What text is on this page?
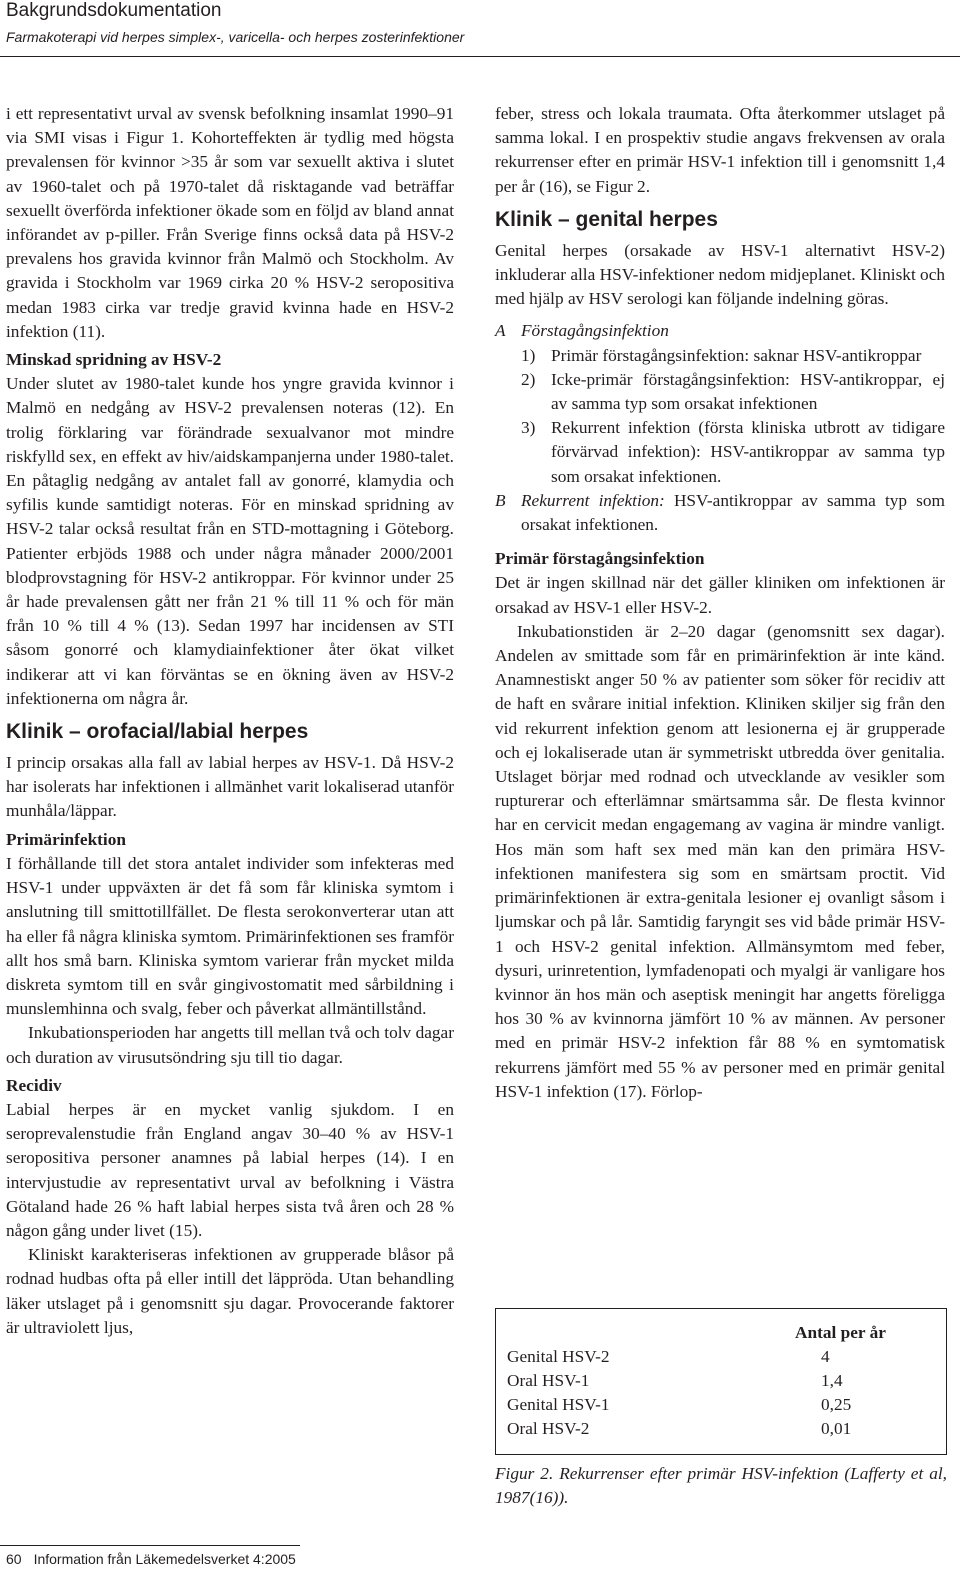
Bakgrundsdokumentation
Farmakoterapi vid herpes simplex-, varicella- och herpes zosterinfektioner

i ett representativt urval av svensk befolkning insamlat 1990–91 via SMI visas i Figur 1. Kohorteffekten är tydlig med högsta prevalensen för kvinnor >35 år som var sexuellt aktiva i slutet av 1960-talet och på 1970-talet då risktagande vad beträffar sexuellt överförda infektioner ökade som en följd av bland annat införandet av p-piller. Från Sverige finns också data på HSV-2 prevalens hos gravida kvinnor från Malmö och Stockholm. Av gravida i Stockholm var 1969 cirka 20 % HSV-2 seropositiva medan 1983 cirka var tredje gravid kvinna hade en HSV-2 infektion (11).

Minskad spridning av HSV-2

Under slutet av 1980-talet kunde hos yngre gravida kvinnor i Malmö en nedgång av HSV-2 prevalensen noteras (12). En trolig förklaring var förändrade sexualvanor mot mindre riskfylld sex, en effekt av hiv/aidskampanjerna under 1980-talet. En påtaglig nedgång av antalet fall av gonorré, klamydia och syfilis kunde samtidigt noteras. För en minskad spridning av HSV-2 talar också resultat från en STD-mottagning i Göteborg. Patienter erbjöds 1988 och under några månader 2000/2001 blodprovstagning för HSV-2 antikroppar. För kvinnor under 25 år hade prevalensen gått ner från 21 % till 11 % och för män från 10 % till 4 % (13). Sedan 1997 har incidensen av STI såsom gonorré och klamydiainfektioner åter ökat vilket indikerar att vi kan förväntas se en ökning även av HSV-2 infektionerna om några år.

Klinik – orofacial/labial herpes

I princip orsakas alla fall av labial herpes av HSV-1. Då HSV-2 har isolerats har infektionen i allmänhet varit lokaliserad utanför munhåla/läppar.

Primärinfektion

I förhållande till det stora antalet individer som infekteras med HSV-1 under uppväxten är det få som får kliniska symtom i anslutning till smittotillfället. De flesta serokonverterar utan att ha eller få några kliniska symtom. Primärinfektionen ses framför allt hos små barn. Kliniska symtom varierar från mycket milda diskreta symtom till en svår gingivostomatit med sårbildning i munslemhinna och svalg, feber och påverkat allmäntillstånd.

Inkubationsperioden har angetts till mellan två och tolv dagar och duration av virusutsöndring sju till tio dagar.

Recidiv

Labial herpes är en mycket vanlig sjukdom. I en seroprevalenstudie från England angav 30–40 % av HSV-1 seropositiva personer anamnes på labial herpes (14). I en intervjustudie av representativt urval av befolkning i Västra Götaland hade 26 % haft labial herpes sista två åren och 28 % någon gång under livet (15).

Kliniskt karakteriseras infektionen av grupperade blåsor på rodnad hudbas ofta på eller intill det läppröda. Utan behandling läker utslaget på i genomsnitt sju dagar. Provocerande faktorer är ultraviolett ljus,

feber, stress och lokala traumata. Ofta återkommer utslaget på samma lokal. I en prospektiv studie angavs frekvensen av orala rekurrenser efter en primär HSV-1 infektion till i genomsnitt 1,4 per år (16), se Figur 2.

Klinik – genital herpes

Genital herpes (orsakade av HSV-1 alternativt HSV-2) inkluderar alla HSV-infektioner nedom midjeplanet. Kliniskt och med hjälp av HSV serologi kan följande indelning göras.

A Förstagångsinfektion
1) Primär förstagångsinfektion: saknar HSV-antikroppar
2) Icke-primär förstagångsinfektion: HSV-antikroppar, ej av samma typ som orsakat infektionen
3) Rekurrent infektion (första kliniska utbrott av tidigare förvärvad infektion): HSV-antikroppar av samma typ som orsakat infektionen.
B Rekurrent infektion: HSV-antikroppar av samma typ som orsakat infektionen.
Primär förstagångsinfektion

Det är ingen skillnad när det gäller kliniken om infektionen är orsakad av HSV-1 eller HSV-2.

Inkubationstiden är 2–20 dagar (genomsnitt sex dagar). Andelen av smittade som får en primärinfektion är inte känd. Anamnestiskt anger 50 % av patienter som söker för recidiv att de haft en svårare initial infektion. Kliniken skiljer sig från den vid rekurrent infektion genom att lesionerna ej är grupperade och ej lokaliserade utan är symmetriskt utbredda över genitalia. Utslaget börjar med rodnad och utvecklande av vesikler som rupturerar och efterlämnar smärtsamma sår. De flesta kvinnor har en cervicit medan engagemang av vagina är mindre vanligt. Hos män som haft sex med män kan den primära HSV-infektionen manifestera sig som en smärtsam proctit. Vid primärinfektionen är extra-genitala lesioner ej ovanligt såsom i ljumskar och på lår. Samtidig faryngit ses vid både primär HSV-1 och HSV-2 genital infektion. Allmänsymtom med feber, dysuri, urinretention, lymfadenopati och myalgi är vanligare hos kvinnor än hos män och aseptisk meningit har angetts föreligga hos 30 % av kvinnorna jämfört 10 % av männen. Av personer med en primär HSV-2 infektion får 88 % en symtomatisk rekurrens jämfört med 55 % av personer med en primär genital HSV-1 infektion (17). Förlop-

Antal per år
Genital HSV-2	4
Oral HSV-1	1,4
Genital HSV-1	0,25
Oral HSV-2	0,01
Figur 2. Rekurrenser efter primär HSV-infektion (Lafferty et al, 1987(16)).
60 Information från Läkemedelsverket 4:2005
